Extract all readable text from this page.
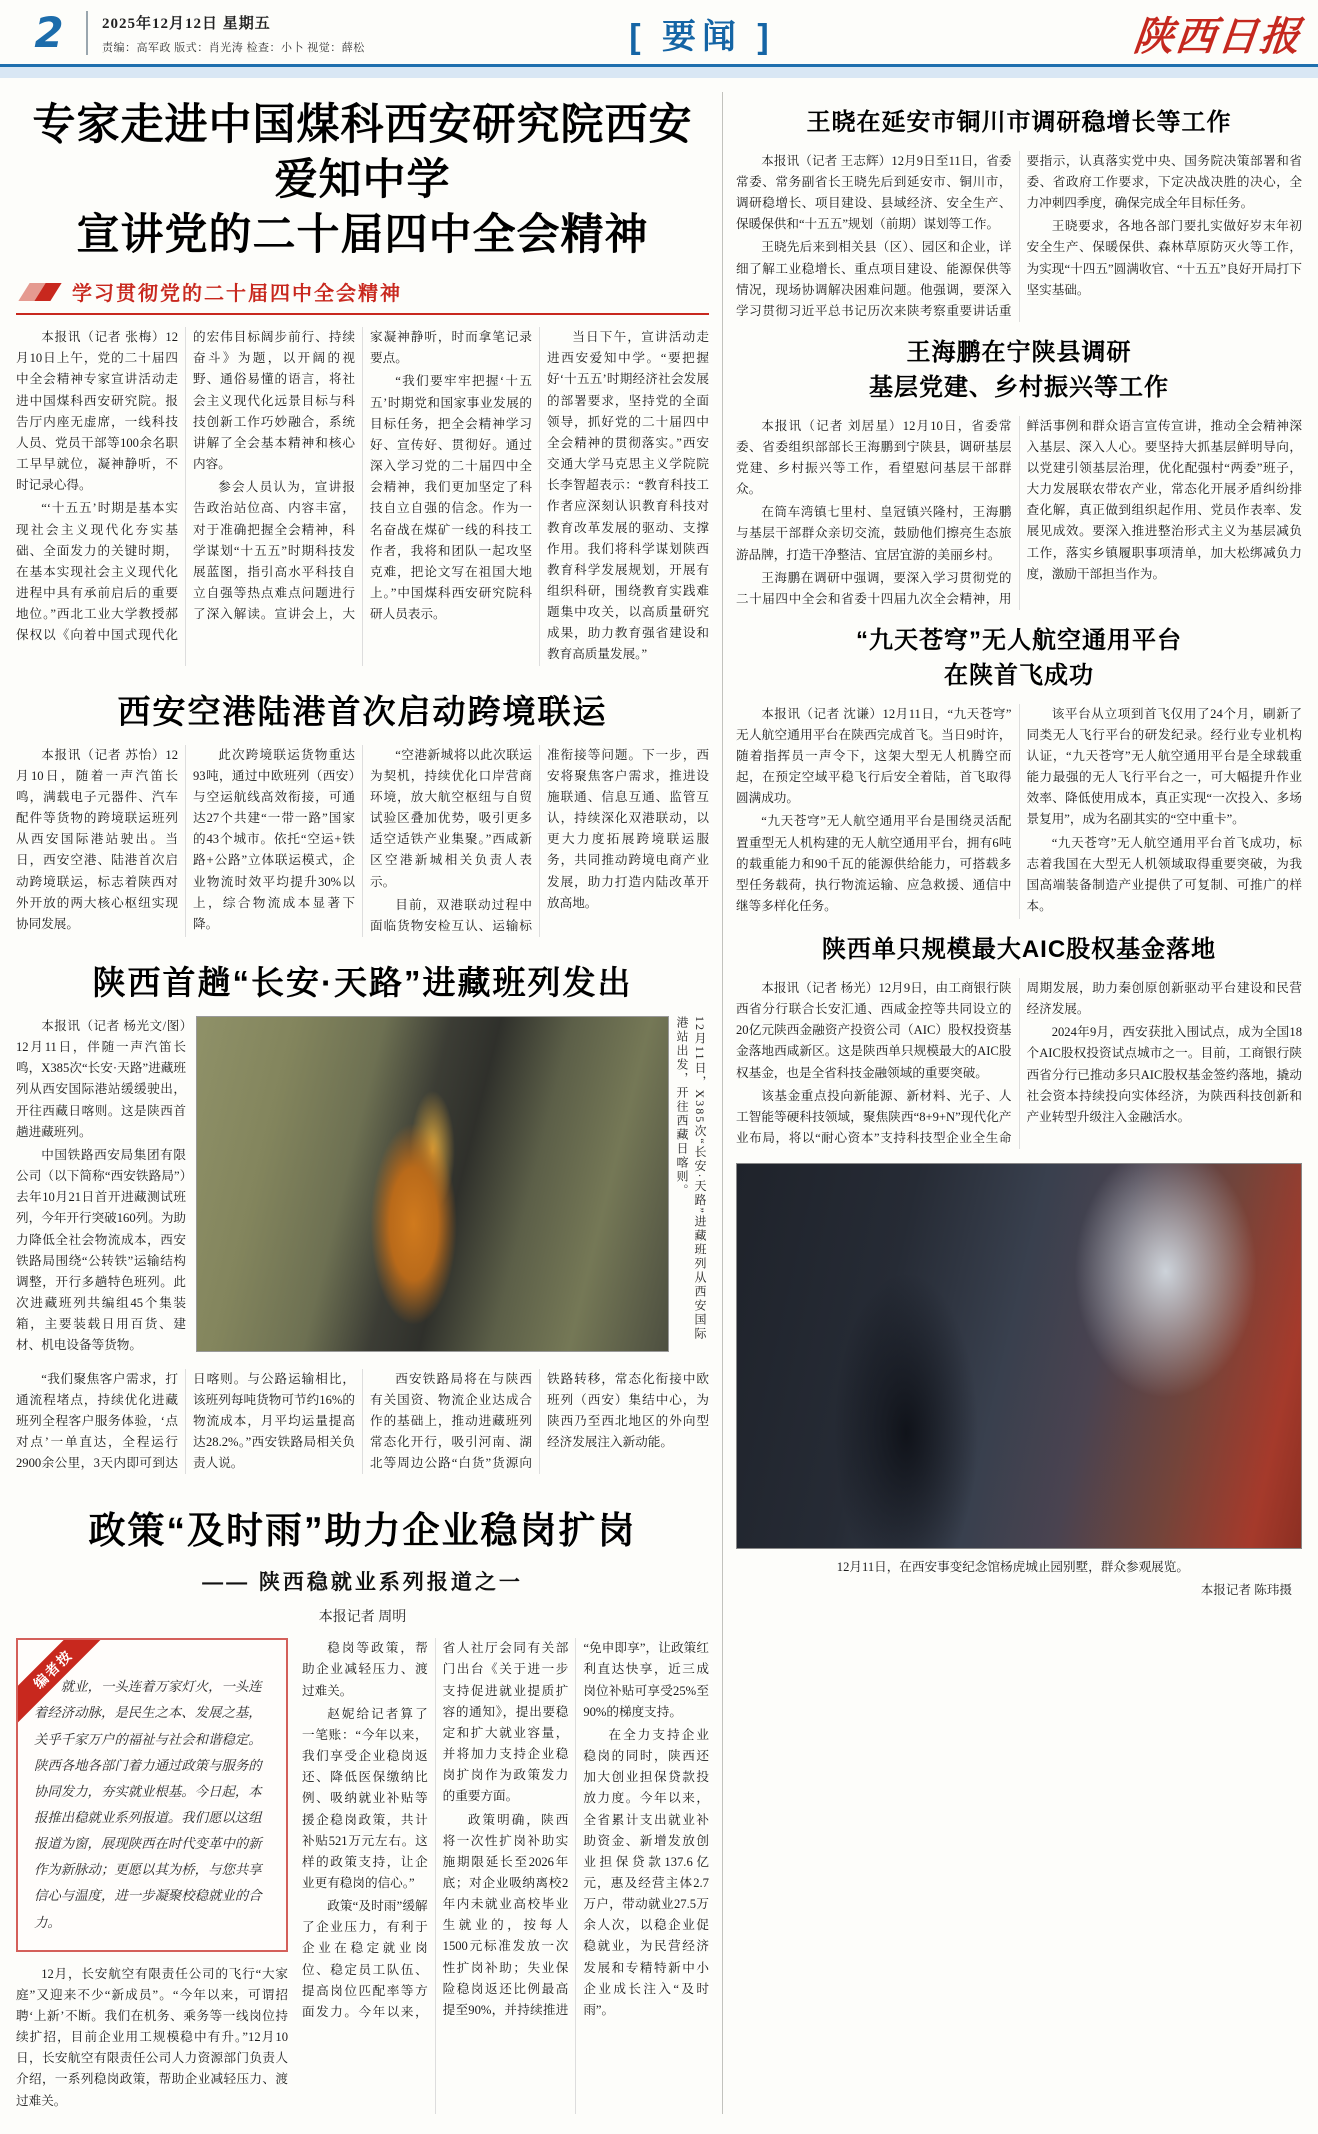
2	2025年12月12日 星期五
责编：高军政 版式：肖光涛 检查：小卜 视觉：薛松	[ 要闻 ]	陕西日报
专家走进中国煤科西安研究院西安爱知中学
宣讲党的二十届四中全会精神
学习贯彻党的二十届四中全会精神

本报讯（记者 张梅）12月10日上午，党的二十届四中全会精神专家宣讲活动走进中国煤科西安研究院。报告厅内座无虚席，一线科技人员、党员干部等100余名职工早早就位，凝神静听，不时记录心得。

“‘十五五’时期是基本实现社会主义现代化夯实基础、全面发力的关键时期，在基本实现社会主义现代化进程中具有承前启后的重要地位。”西北工业大学教授郝保权以《向着中国式现代化的宏伟目标阔步前行、持续奋斗》为题，以开阔的视野、通俗易懂的语言，将社会主义现代化远景目标与科技创新工作巧妙融合，系统讲解了全会基本精神和核心内容。

参会人员认为，宣讲报告政治站位高、内容丰富，对于准确把握全会精神，科学谋划“十五五”时期科技发展蓝图，指引高水平科技自立自强等热点难点问题进行了深入解读。宣讲会上，大家凝神静听，时而拿笔记录要点。

“我们要牢牢把握‘十五五’时期党和国家事业发展的目标任务，把全会精神学习好、宣传好、贯彻好。通过深入学习党的二十届四中全会精神，我们更加坚定了科技自立自强的信念。作为一名奋战在煤矿一线的科技工作者，我将和团队一起攻坚克难，把论文写在祖国大地上。”中国煤科西安研究院科研人员表示。

当日下午，宣讲活动走进西安爱知中学。“要把握好‘十五五’时期经济社会发展的部署要求，坚持党的全面领导，抓好党的二十届四中全会精神的贯彻落实。”西安交通大学马克思主义学院院长李智超表示：“教育科技工作者应深刻认识教育科技对教育改革发展的驱动、支撑作用。我们将科学谋划陕西教育科学发展规划，开展有组织科研，围绕教育实践难题集中攻关，以高质量研究成果，助力教育强省建设和教育高质量发展。”

西安空港陆港首次启动跨境联运

本报讯（记者 苏怡）12月10日，随着一声汽笛长鸣，满载电子元器件、汽车配件等货物的跨境联运班列从西安国际港站驶出。当日，西安空港、陆港首次启动跨境联运，标志着陕西对外开放的两大核心枢纽实现协同发展。

此次跨境联运货物重达93吨，通过中欧班列（西安）与空运航线高效衔接，可通达27个共建“一带一路”国家的43个城市。依托“空运+铁路+公路”立体联运模式，企业物流时效平均提升30%以上，综合物流成本显著下降。

“空港新城将以此次联运为契机，持续优化口岸营商环境，放大航空枢纽与自贸试验区叠加优势，吸引更多适空适铁产业集聚。”西咸新区空港新城相关负责人表示。

目前，双港联动过程中面临货物安检互认、运输标准衔接等问题。下一步，西安将聚焦客户需求，推进设施联通、信息互通、监管互认，持续深化双港联动，以更大力度拓展跨境联运服务，共同推动跨境电商产业发展，助力打造内陆改革开放高地。

陕西首趟“长安·天路”进藏班列发出

本报讯（记者 杨光文/图）12月11日，伴随一声汽笛长鸣，X385次“长安·天路”进藏班列从西安国际港站缓缓驶出，开往西藏日喀则。这是陕西首趟进藏班列。

中国铁路西安局集团有限公司（以下简称“西安铁路局”）去年10月21日首开进藏测试班列，今年开行突破160列。为助力降低全社会物流成本，西安铁路局围绕“公转铁”运输结构调整，开行多趟特色班列。此次进藏班列共编组45个集装箱，主要装载日用百货、建材、机电设备等货物。

12月11日，X385次“长安·天路”进藏班列从西安国际港站出发，开往西藏日喀则。

“我们聚焦客户需求，打通流程堵点，持续优化进藏班列全程客户服务体验，‘点对点’一单直达，全程运行2900余公里，3天内即可到达日喀则。与公路运输相比，该班列每吨货物可节约16%的物流成本，月平均运量提高达28.2%。”西安铁路局相关负责人说。

西安铁路局将在与陕西有关国资、物流企业达成合作的基础上，推动进藏班列常态化开行，吸引河南、湖北等周边公路“白货”货源向铁路转移，常态化衔接中欧班列（西安）集结中心，为陕西乃至西北地区的外向型经济发展注入新动能。

政策“及时雨”助力企业稳岗扩岗
—— 陕西稳就业系列报道之一
本报记者 周明
编者按
就业，一头连着万家灯火，一头连着经济动脉，是民生之本、发展之基，关乎千家万户的福祉与社会和谐稳定。陕西各地各部门着力通过政策与服务的协同发力，夯实就业根基。今日起，本报推出稳就业系列报道。我们愿以这组报道为窗，展现陕西在时代变革中的新作为新脉动；更愿以其为桥，与您共享信心与温度，进一步凝聚校稳就业的合力。

12月，长安航空有限责任公司的飞行“大家庭”又迎来不少“新成员”。“今年以来，可谓招聘‘上新’不断。我们在机务、乘务等一线岗位持续扩招，目前企业用工规模稳中有升。”12月10日，长安航空有限责任公司人力资源部门负责人介绍，一系列稳岗政策，帮助企业减轻压力、渡过难关。

稳岗等政策，帮助企业减轻压力、渡过难关。

赵妮给记者算了一笔账：“今年以来，我们享受企业稳岗返还、降低医保缴纳比例、吸纳就业补贴等援企稳岗政策，共计补贴521万元左右。这样的政策支持，让企业更有稳岗的信心。”

政策“及时雨”缓解了企业压力，有利于企业在稳定就业岗位、稳定员工队伍、提高岗位匹配率等方面发力。今年以来，省人社厅会同有关部门出台《关于进一步支持促进就业提质扩容的通知》，提出要稳定和扩大就业容量，并将加力支持企业稳岗扩岗作为政策发力的重要方面。

政策明确，陕西将一次性扩岗补助实施期限延长至2026年底；对企业吸纳离校2年内未就业高校毕业生就业的，按每人1500元标准发放一次性扩岗补助；失业保险稳岗返还比例最高提至90%，并持续推进“免申即享”，让政策红利直达快享，近三成岗位补贴可享受25%至90%的梯度支持。

在全力支持企业稳岗的同时，陕西还加大创业担保贷款投放力度。今年以来，全省累计支出就业补助资金、新增发放创业担保贷款137.6亿元，惠及经营主体2.7万户，带动就业27.5万余人次，以稳企业促稳就业，为民营经济发展和专精特新中小企业成长注入“及时雨”。

王晓在延安市铜川市调研稳增长等工作

本报讯（记者 王志辉）12月9日至11日，省委常委、常务副省长王晓先后到延安市、铜川市，调研稳增长、项目建设、县域经济、安全生产、保暖保供和“十五五”规划（前期）谋划等工作。

王晓先后来到相关县（区）、园区和企业，详细了解工业稳增长、重点项目建设、能源保供等情况，现场协调解决困难问题。他强调，要深入学习贯彻习近平总书记历次来陕考察重要讲话重要指示，认真落实党中央、国务院决策部署和省委、省政府工作要求，下定决战决胜的决心，全力冲刺四季度，确保完成全年目标任务。

王晓要求，各地各部门要扎实做好岁末年初安全生产、保暖保供、森林草原防灭火等工作，为实现“十四五”圆满收官、“十五五”良好开局打下坚实基础。

王海鹏在宁陕县调研
基层党建、乡村振兴等工作

本报讯（记者 刘居星）12月10日，省委常委、省委组织部部长王海鹏到宁陕县，调研基层党建、乡村振兴等工作，看望慰问基层干部群众。

在筒车湾镇七里村、皇冠镇兴隆村，王海鹏与基层干部群众亲切交流，鼓励他们擦亮生态旅游品牌，打造干净整洁、宜居宜游的美丽乡村。

王海鹏在调研中强调，要深入学习贯彻党的二十届四中全会和省委十四届九次全会精神，用鲜活事例和群众语言宣传宣讲，推动全会精神深入基层、深入人心。要坚持大抓基层鲜明导向，以党建引领基层治理，优化配强村“两委”班子，大力发展联农带农产业，常态化开展矛盾纠纷排查化解，真正做到组织起作用、党员作表率、发展见成效。要深入推进整治形式主义为基层减负工作，落实乡镇履职事项清单，加大松绑减负力度，激励干部担当作为。

“九天苍穹”无人航空通用平台
在陕首飞成功

本报讯（记者 沈谦）12月11日，“九天苍穹”无人航空通用平台在陕西完成首飞。当日9时许，随着指挥员一声令下，这架大型无人机腾空而起，在预定空域平稳飞行后安全着陆，首飞取得圆满成功。

“九天苍穹”无人航空通用平台是围绕灵活配置重型无人机构建的无人航空通用平台，拥有6吨的载重能力和90千瓦的能源供给能力，可搭载多型任务载荷，执行物流运输、应急救援、通信中继等多样化任务。

该平台从立项到首飞仅用了24个月，刷新了同类无人飞行平台的研发纪录。经行业专业机构认证，“九天苍穹”无人航空通用平台是全球载重能力最强的无人飞行平台之一，可大幅提升作业效率、降低使用成本，真正实现“一次投入、多场景复用”，成为名副其实的“空中重卡”。

“九天苍穹”无人航空通用平台首飞成功，标志着我国在大型无人机领域取得重要突破，为我国高端装备制造产业提供了可复制、可推广的样本。

陕西单只规模最大AIC股权基金落地

本报讯（记者 杨光）12月9日，由工商银行陕西省分行联合长安汇通、西咸金控等共同设立的20亿元陕西金融资产投资公司（AIC）股权投资基金落地西咸新区。这是陕西单只规模最大的AIC股权基金，也是全省科技金融领域的重要突破。

该基金重点投向新能源、新材料、光子、人工智能等硬科技领域，聚焦陕西“8+9+N”现代化产业布局，将以“耐心资本”支持科技型企业全生命周期发展，助力秦创原创新驱动平台建设和民营经济发展。

2024年9月，西安获批入围试点，成为全国18个AIC股权投资试点城市之一。目前，工商银行陕西省分行已推动多只AIC股权基金签约落地，撬动社会资本持续投向实体经济，为陕西科技创新和产业转型升级注入金融活水。

12月11日，在西安事变纪念馆杨虎城止园别墅，群众参观展览。
本报记者 陈玮摄
